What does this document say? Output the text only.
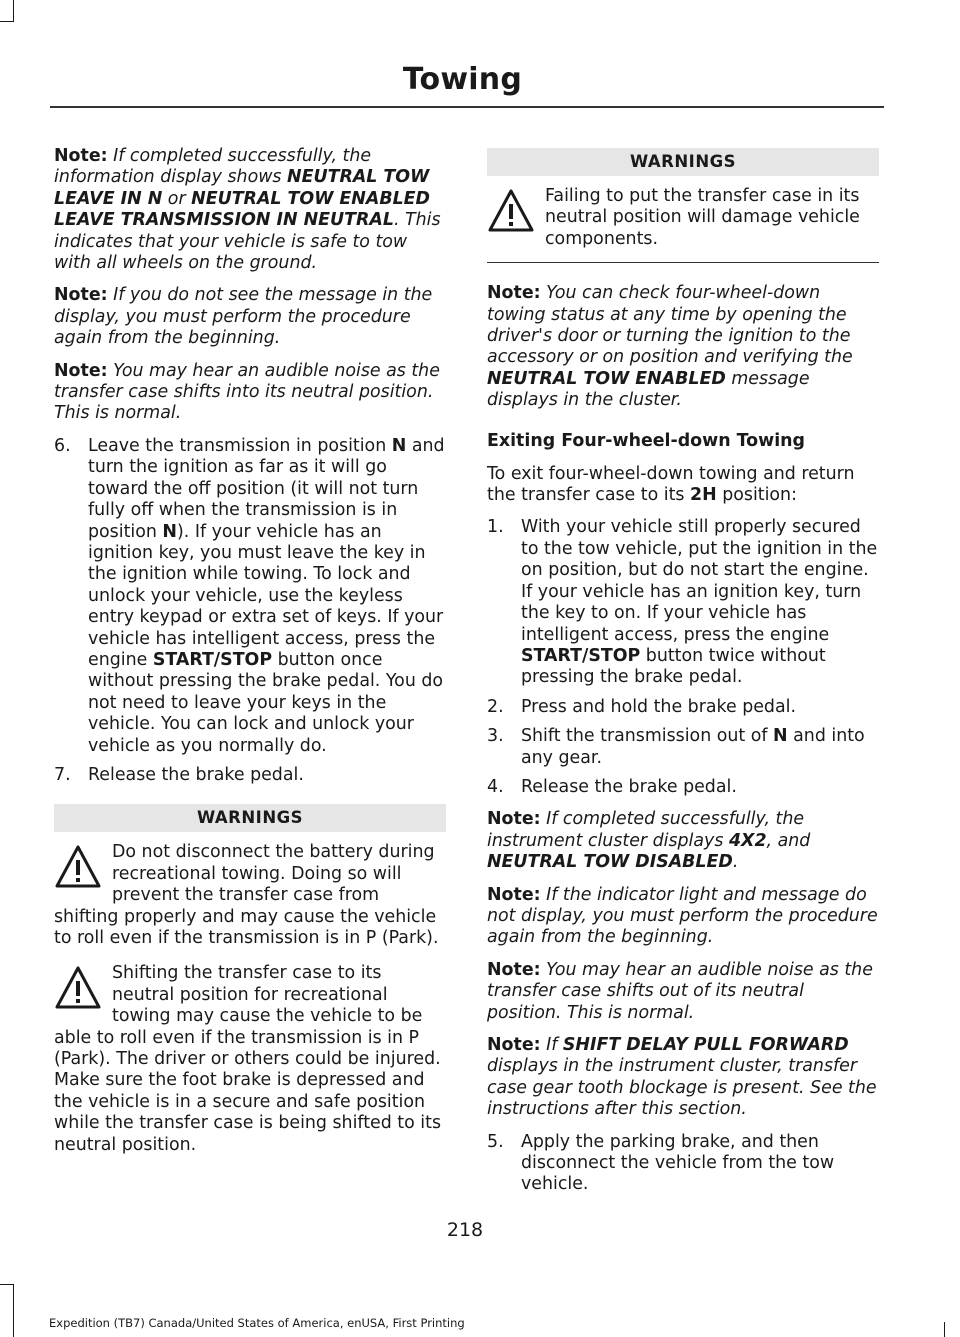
Towing

Note: If completed successfully, the information display shows NEUTRAL TOW LEAVE IN N or NEUTRAL TOW ENABLED LEAVE TRANSMISSION IN NEUTRAL. This indicates that your vehicle is safe to tow with all wheels on the ground.

Note: If you do not see the message in the display, you must perform the procedure again from the beginning.

Note: You may hear an audible noise as the transfer case shifts into its neutral position. This is normal.

6. Leave the transmission in position N and turn the ignition as far as it will go toward the off position (it will not turn fully off when the transmission is in position N). If your vehicle has an ignition key, you must leave the key in the ignition while towing. To lock and unlock your vehicle, use the keyless entry keypad or extra set of keys. If your vehicle has intelligent access, press the engine START/STOP button once without pressing the brake pedal. You do not need to leave your keys in the vehicle. You can lock and unlock your vehicle as you normally do.
7. Release the brake pedal.
WARNINGS
Do not disconnect the battery during recreational towing. Doing so will prevent the transfer case from shifting properly and may cause the vehicle to roll even if the transmission is in P (Park).
Shifting the transfer case to its neutral position for recreational towing may cause the vehicle to be able to roll even if the transmission is in P (Park). The driver or others could be injured. Make sure the foot brake is depressed and the vehicle is in a secure and safe position while the transfer case is being shifted to its neutral position.
WARNINGS
Failing to put the transfer case in its neutral position will damage vehicle components.

Note: You can check four-wheel-down towing status at any time by opening the driver's door or turning the ignition to the accessory or on position and verifying the NEUTRAL TOW ENABLED message displays in the cluster.

Exiting Four-wheel-down Towing

To exit four-wheel-down towing and return the transfer case to its 2H position:

1. With your vehicle still properly secured to the tow vehicle, put the ignition in the on position, but do not start the engine. If your vehicle has an ignition key, turn the key to on. If your vehicle has intelligent access, press the engine START/STOP button twice without pressing the brake pedal.
2. Press and hold the brake pedal.
3. Shift the transmission out of N and into any gear.
4. Release the brake pedal.

Note: If completed successfully, the instrument cluster displays 4X2, and NEUTRAL TOW DISABLED.

Note: If the indicator light and message do not display, you must perform the procedure again from the beginning.

Note: You may hear an audible noise as the transfer case shifts out of its neutral position. This is normal.

Note: If SHIFT DELAY PULL FORWARD displays in the instrument cluster, transfer case gear tooth blockage is present. See the instructions after this section.

5. Apply the parking brake, and then disconnect the vehicle from the tow vehicle.
218
Expedition (TB7) Canada/United States of America, enUSA, First Printing
